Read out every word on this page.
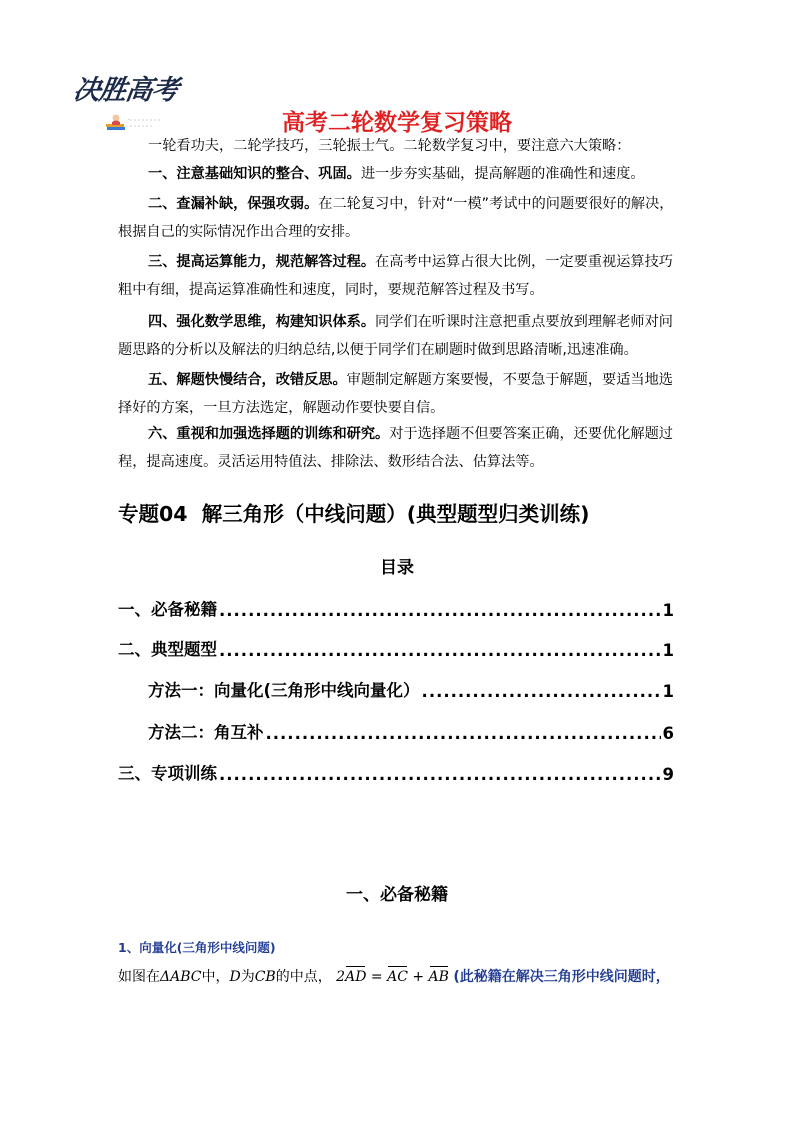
决胜高考
·	高考二轮数学复习策略
一轮看功夫，二轮学技巧，三轮振士气。二轮数学复习中，要注意六大策略：
一、注意基础知识的整合、巩固。进一步夯实基础，提高解题的准确性和速度。
二、查漏补缺，保强攻弱。在二轮复习中，针对“一模”考试中的问题要很好的解决，根据自己的实际情况作出合理的安排。
三、提高运算能力，规范解答过程。在高考中运算占很大比例，一定要重视运算技巧粗中有细，提高运算准确性和速度，同时，要规范解答过程及书写。
四、强化数学思维，构建知识体系。同学们在听课时注意把重点要放到理解老师对问题思路的分析以及解法的归纳总结,以便于同学们在刷题时做到思路清晰,迅速准确。
五、解题快慢结合，改错反思。审题制定解题方案要慢，不要急于解题，要适当地选择好的方案，一旦方法选定，解题动作要快要自信。
六、重视和加强选择题的训练和研究。对于选择题不但要答案正确，还要优化解题过程，提高速度。灵活运用特值法、排除法、数形结合法、估算法等。
专题04  解三角形（中线问题）(典型题型归类训练)
目录
一、必备秘籍 .....	1
二、典型题型 .....	1
方法一：向量化(三角形中线向量化） .....	1
方法二：角互补 .....	6
三、专项训练 .....	9
一、必备秘籍
1、向量化(三角形中线问题)
如图在ΔABC中，D为CB的中点， 2AD = AC + AB (此秘籍在解决三角形中线问题时，
